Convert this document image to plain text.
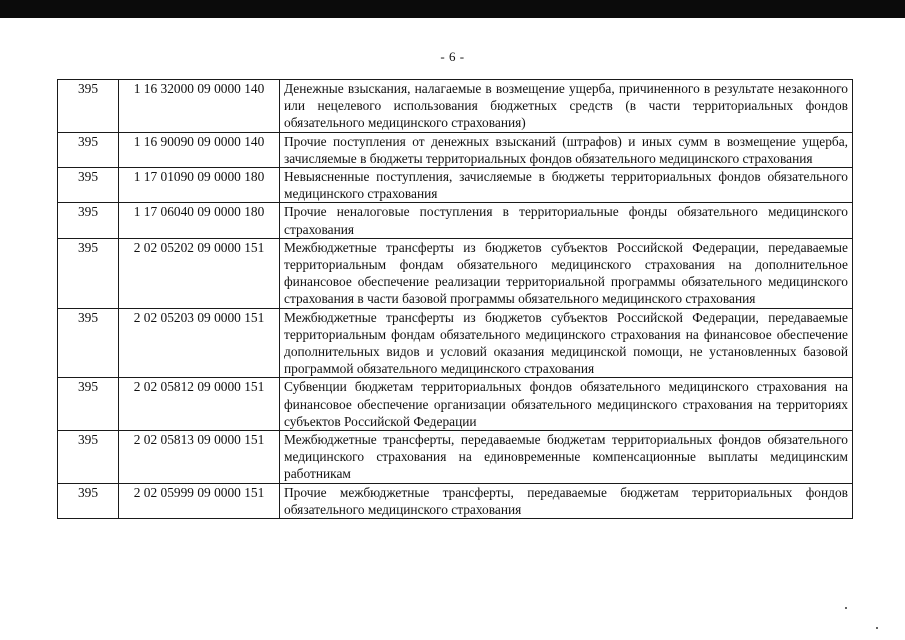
- 6 -
395	1 16 32000 09 0000 140	Денежные взыскания, налагаемые в возмещение ущерба, причиненного в результате незаконного или нецелевого использования бюджетных средств (в части территориальных фондов обязательного медицинского страхования)
395	1 16 90090 09 0000 140	Прочие поступления от денежных взысканий (штрафов) и иных сумм в возмещение ущерба, зачисляемые в бюджеты территориальных фондов обязательного медицинского страхования
395	1 17 01090 09 0000 180	Невыясненные поступления, зачисляемые в бюджеты территориальных фондов обязательного медицинского страхования
395	1 17 06040 09 0000 180	Прочие неналоговые поступления в территориальные фонды обязательного медицинского страхования
395	2 02 05202 09 0000 151	Межбюджетные трансферты из бюджетов субъектов Российской Федерации, передаваемые территориальным фондам обязательного медицинского страхования на дополнительное финансовое обеспечение реализации территориальной программы обязательного медицинского страхования в части базовой программы обязательного медицинского страхования
395	2 02 05203 09 0000 151	Межбюджетные трансферты из бюджетов субъектов Российской Федерации, передаваемые территориальным фондам обязательного медицинского страхования на финансовое обеспечение дополнительных видов и условий оказания медицинской помощи, не установленных базовой программой обязательного медицинского страхования
395	2 02 05812 09 0000 151	Субвенции бюджетам территориальных фондов обязательного медицинского страхования на финансовое обеспечение организации обязательного медицинского страхования на территориях субъектов Российской Федерации
395	2 02 05813 09 0000 151	Межбюджетные трансферты, передаваемые бюджетам территориальных фондов обязательного медицинского страхования на единовременные компенсационные выплаты медицинским работникам
395	2 02 05999 09 0000 151	Прочие межбюджетные трансферты, передаваемые бюджетам территориальных фондов обязательного медицинского страхования
